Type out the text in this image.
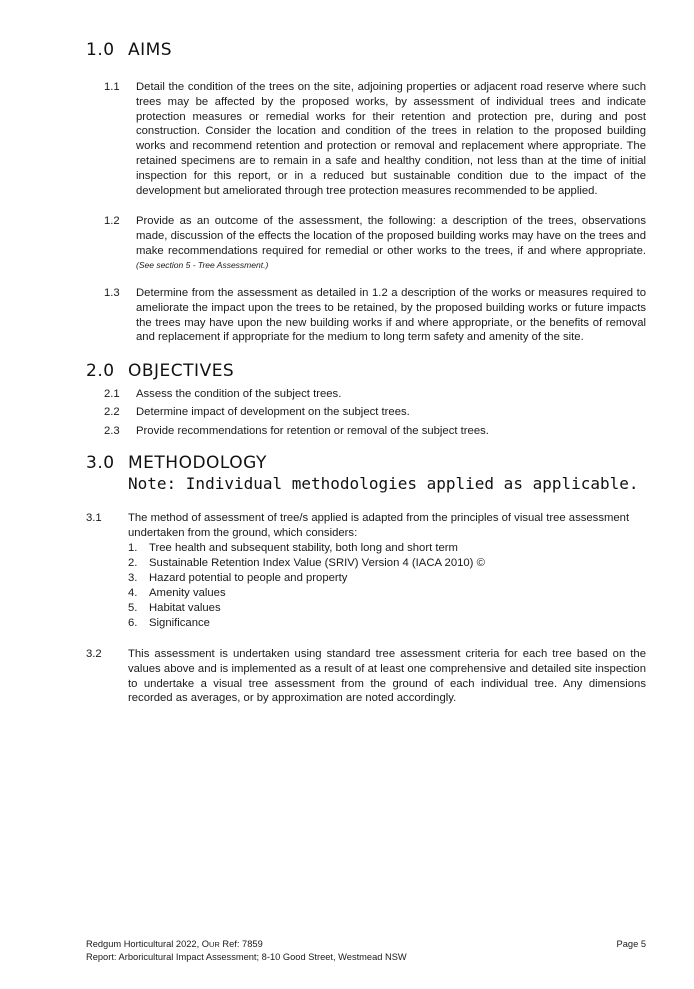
1.0 AIMS
1.1 Detail the condition of the trees on the site, adjoining properties or adjacent road reserve where such trees may be affected by the proposed works, by assessment of individual trees and indicate protection measures or remedial works for their retention and protection pre, during and post construction. Consider the location and condition of the trees in relation to the proposed building works and recommend retention and protection or removal and replacement where appropriate. The retained specimens are to remain in a safe and healthy condition, not less than at the time of initial inspection for this report, or in a reduced but sustainable condition due to the impact of the development but ameliorated through tree protection measures recommended to be applied.
1.2 Provide as an outcome of the assessment, the following: a description of the trees, observations made, discussion of the effects the location of the proposed building works may have on the trees and make recommendations required for remedial or other works to the trees, if and where appropriate. (See section 5 - Tree Assessment.)
1.3 Determine from the assessment as detailed in 1.2 a description of the works or measures required to ameliorate the impact upon the trees to be retained, by the proposed building works or future impacts the trees may have upon the new building works if and where appropriate, or the benefits of removal and replacement if appropriate for the medium to long term safety and amenity of the site.
2.0 OBJECTIVES
2.1 Assess the condition of the subject trees.
2.2 Determine impact of development on the subject trees.
2.3 Provide recommendations for retention or removal of the subject trees.
3.0 METHODOLOGY
Note: Individual methodologies applied as applicable.
3.1 The method of assessment of tree/s applied is adapted from the principles of visual tree assessment undertaken from the ground, which considers:
1. Tree health and subsequent stability, both long and short term
2. Sustainable Retention Index Value (SRIV) Version 4 (IACA 2010) ©
3. Hazard potential to people and property
4. Amenity values
5. Habitat values
6. Significance
3.2 This assessment is undertaken using standard tree assessment criteria for each tree based on the values above and is implemented as a result of at least one comprehensive and detailed site inspection to undertake a visual tree assessment from the ground of each individual tree. Any dimensions recorded as averages, or by approximation are noted accordingly.
Redgum Horticultural 2022, OUR Ref: 7859	Page 5
Report: Arboricultural Impact Assessment; 8-10 Good Street, Westmead NSW
